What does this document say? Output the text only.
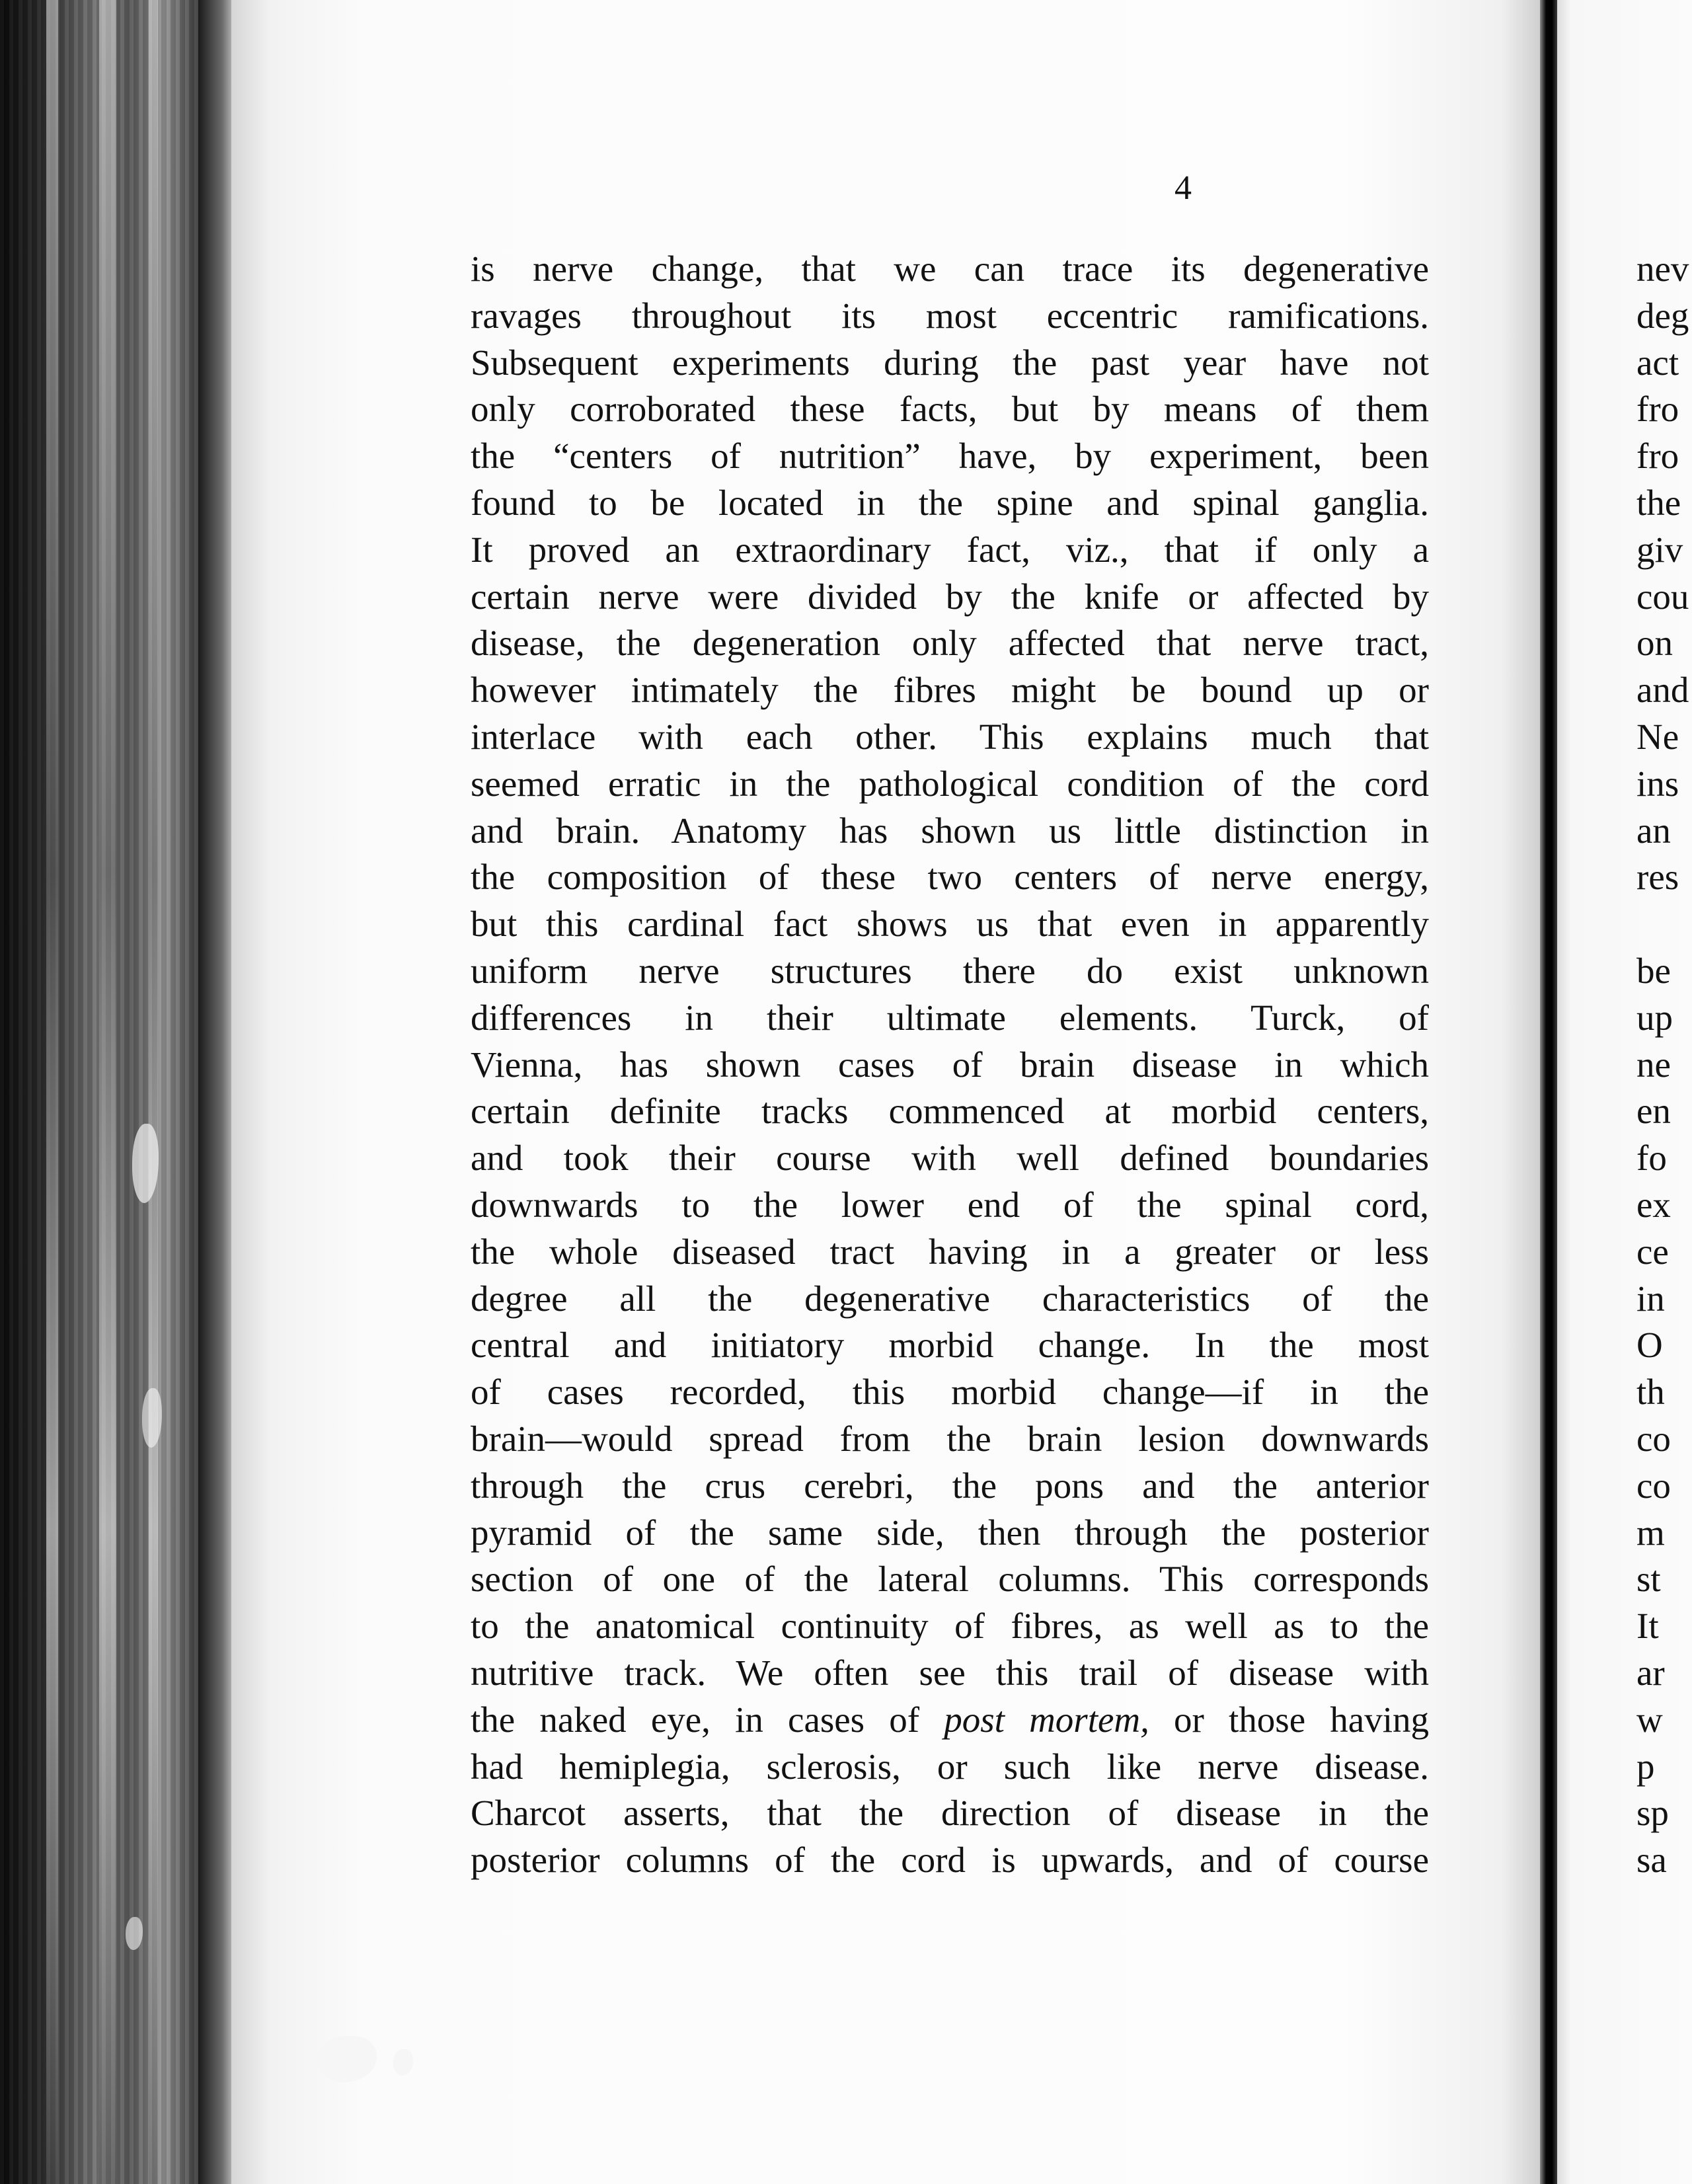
4
is nerve change, that we can trace its degenerative
ravages throughout its most eccentric ramifications.
Subsequent experiments during the past year have not
only corroborated these facts, but by means of them
the “centers of nutrition” have, by experiment, been
found to be located in the spine and spinal ganglia.
It proved an extraordinary fact, viz., that if only a
certain nerve were divided by the knife or affected by
disease, the degeneration only affected that nerve tract,
however intimately the fibres might be bound up or
interlace with each other. This explains much that
seemed erratic in the pathological condition of the cord
and brain. Anatomy has shown us little distinction in
the composition of these two centers of nerve energy,
but this cardinal fact shows us that even in apparently
uniform nerve structures there do exist unknown
differences in their ultimate elements. Turck, of
Vienna, has shown cases of brain disease in which
certain definite tracks commenced at morbid centers,
and took their course with well defined boundaries
downwards to the lower end of the spinal cord,
the whole diseased tract having in a greater or less
degree all the degenerative characteristics of the
central and initiatory morbid change. In the most
of cases recorded, this morbid change—if in the
brain—would spread from the brain lesion downwards
through the crus cerebri, the pons and the anterior
pyramid of the same side, then through the posterior
section of one of the lateral columns. This corresponds
to the anatomical continuity of fibres, as well as to the
nutritive track. We often see this trail of disease with
the naked eye, in cases of post mortem, or those having
had hemiplegia, sclerosis, or such like nerve disease.
Charcot asserts, that the direction of disease in the
posterior columns of the cord is upwards, and of course
nev
deg
act
fro
fro
the
giv
cou
on
and
Ne
ins
an
res
be
up
ne
en
fo
ex
ce
in
O
th
co
co
m
st
It
ar
w
p
sp
sa
